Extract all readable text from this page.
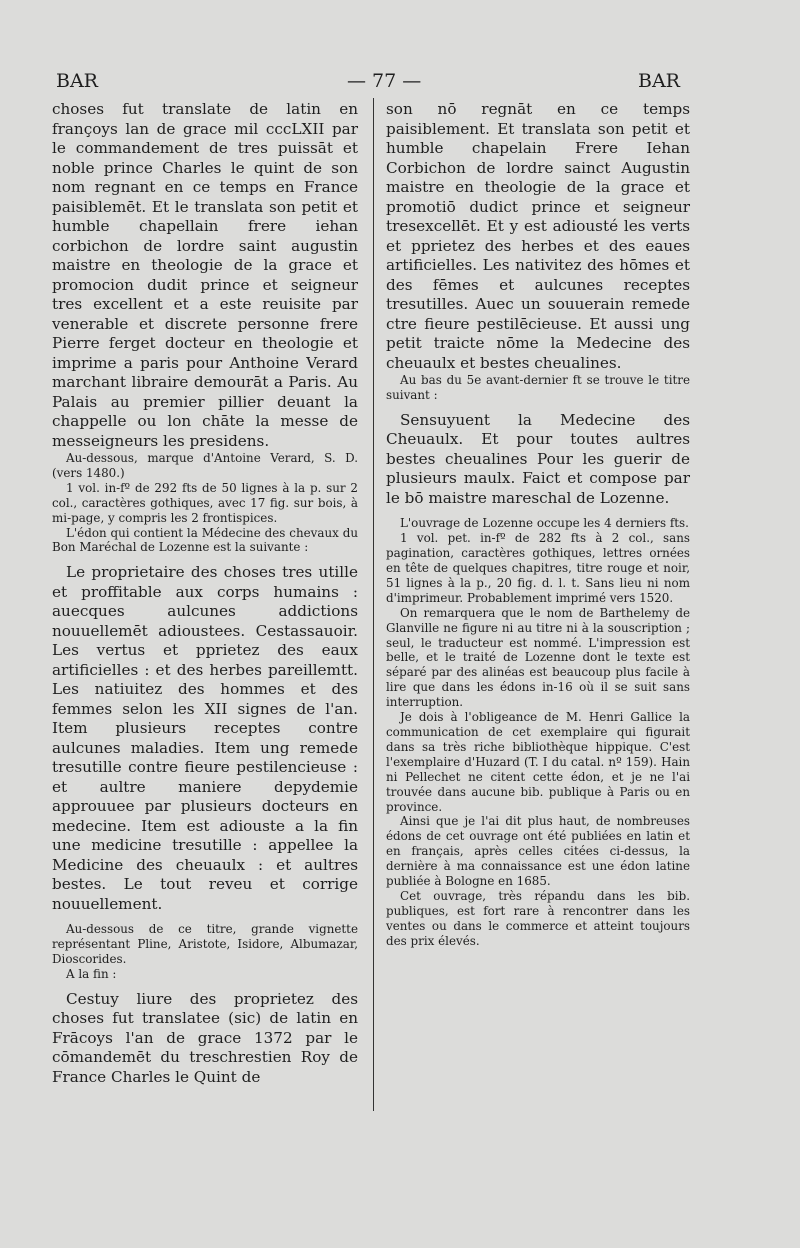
BAR	— 77 —	BAR

choses fut translate de latin en françoys lan de grace mil cccLXII par le commandement de tres puissāt et noble prince Charles le quint de son nom regnant en ce temps en France paisiblemēt. Et le translata son petit et humble chapellain frere iehan corbichon de lordre saint augustin maistre en theologie de la grace et promocion dudit prince et seigneur tres excellent et a este reuisite par venerable et discrete personne frere Pierre ferget docteur en theologie et imprime a paris pour Anthoine Verard marchant libraire demourāt a Paris. Au Palais au premier pillier deuant la chappelle ou lon chāte la messe de messeigneurs les presidens.

Au-dessous, marque d'Antoine Verard, S. D. (vers 1480.)

1 vol. in-fº de 292 fts de 50 lignes à la p. sur 2 col., caractères gothiques, avec 17 fig. sur bois, à mi-page, y compris les 2 frontispices.

L'édon qui contient la Médecine des chevaux du Bon Maréchal de Lozenne est la suivante :

Le proprietaire des choses tres utille et proffitable aux corps humains : auecques aulcunes addictions nouuellemēt adioustees. Cestassauoir. Les vertus et pprietez des eaux artificielles : et des herbes pareillemtt. Les natiuitez des hommes et des femmes selon les XII signes de l'an. Item plusieurs receptes contre aulcunes maladies. Item ung remede tresutille contre fieure pestilencieuse : et aultre maniere depydemie approuuee par plusieurs docteurs en medecine. Item est adiouste a la fin une medicine tresutille : appellee la Medicine des cheuaulx : et aultres bestes. Le tout reveu et corrige nouuellement.

Au-dessous de ce titre, grande vignette représentant Pline, Aristote, Isidore, Albumazar, Dioscorides.

A la fin :

Cestuy liure des proprietez des choses fut translatee (sic) de latin en Frācoys l'an de grace 1372 par le cōmandemēt du treschrestien Roy de France Charles le Quint de

son nō regnāt en ce temps paisiblement. Et translata son petit et humble chapelain Frere Iehan Corbichon de lordre sainct Augustin maistre en theologie de la grace et promotiō dudict prince et seigneur tresexcellēt. Et y est adiousté les verts et pprietez des herbes et des eaues artificielles. Les nativitez des hōmes et des fēmes et aulcunes receptes tresutilles. Auec un souuerain remede ctre fieure pestilēcieuse. Et aussi ung petit traicte nōme la Medecine des cheuaulx et bestes cheualines.

Au bas du 5e avant-dernier ft se trouve le titre suivant :

Sensuyuent la Medecine des Cheuaulx. Et pour toutes aultres bestes cheualines Pour les guerir de plusieurs maulx. Faict et compose par le bō maistre mareschal de Lozenne.

L'ouvrage de Lozenne occupe les 4 derniers fts.

1 vol. pet. in-fº de 282 fts à 2 col., sans pagination, caractères gothiques, lettres ornées en tête de quelques chapitres, titre rouge et noir, 51 lignes à la p., 20 fig. d. l. t. Sans lieu ni nom d'imprimeur. Probablement imprimé vers 1520.

On remarquera que le nom de Barthelemy de Glanville ne figure ni au titre ni à la souscription ; seul, le traducteur est nommé. L'impression est belle, et le traité de Lozenne dont le texte est séparé par des alinéas est beaucoup plus facile à lire que dans les édons in-16 où il se suit sans interruption.

Je dois à l'obligeance de M. Henri Gallice la communication de cet exemplaire qui figurait dans sa très riche bibliothèque hippique. C'est l'exemplaire d'Huzard (T. I du catal. nº 159). Hain ni Pellechet ne citent cette édon, et je ne l'ai trouvée dans aucune bib. publique à Paris ou en province.

Ainsi que je l'ai dit plus haut, de nombreuses édons de cet ouvrage ont été publiées en latin et en français, après celles citées ci-dessus, la dernière à ma connaissance est une édon latine publiée à Bologne en 1685.

Cet ouvrage, très répandu dans les bib. publiques, est fort rare à rencontrer dans les ventes ou dans le commerce et atteint toujours des prix élevés.
